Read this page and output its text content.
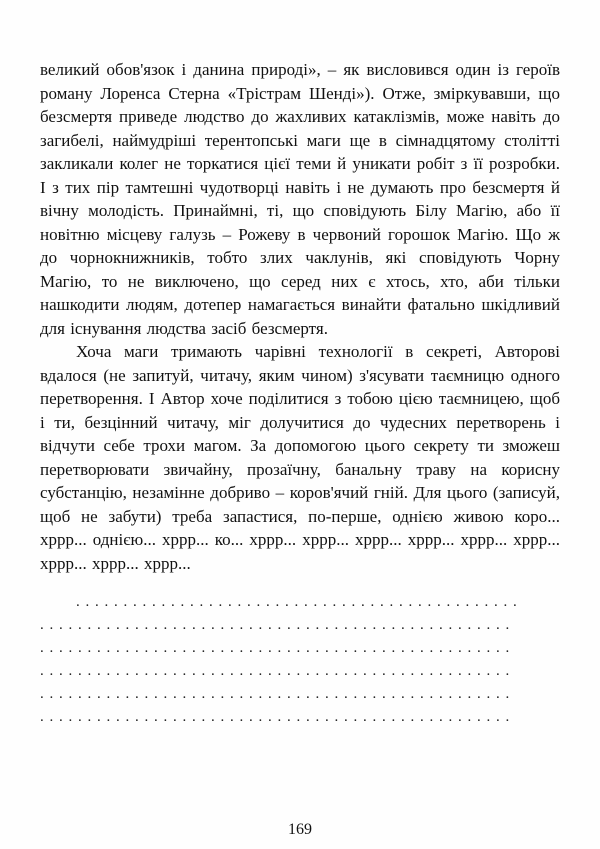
великий обов'язок і данина природі», – як висловився один із героїв роману Лоренса Стерна «Трістрам Шенді»). Отже, зміркувавши, що безсмертя приведе людство до жахливих катаклізмів, може навіть до загибелі, наймудріші терентопські маги ще в сімнадцятому столітті закликали колег не торкатися цієї теми й уникати робіт з її розробки. І з тих пір тамтешні чудотворці навіть і не думають про безсмертя й вічну молодість. Принаймні, ті, що сповідують Білу Магію, або її новітню місцеву галузь – Рожеву в червоний горошок Магію. Що ж до чорнокнижників, тобто злих чаклунів, які сповідують Чорну Магію, то не виключено, що серед них є хтось, хто, аби тільки нашкодити людям, дотепер намагається винайти фатально шкідливий для існування людства засіб безсмертя.

Хоча маги тримають чарівні технології в секреті, Авторові вдалося (не запитуй, читачу, яким чином) з'ясувати таємницю одного перетворення. І Автор хоче поділитися з тобою цією таємницею, щоб і ти, безцінний читачу, міг долучитися до чудесних перетворень і відчути себе трохи магом. За допомогою цього секрету ти зможеш перетворювати звичайну, прозаїчну, банальну траву на корисну субстанцію, незамінне добриво – коров'ячий гній. Для цього (записуй, щоб не забути) треба запастися, по-перше, однією живою коро... хррр... однією... хррр... ко... хррр... хррр... хррр... хррр... хррр... хррр... хррр... хррр... хррр...

. . . . . . . . . . . . . . . . . . . . . . . . . . . . . . . . . . . . . . . . . . . . . . .
. . . . . . . . . . . . . . . . . . . . . . . . . . . . . . . . . . . . . . . . . . . . . . . . . .
. . . . . . . . . . . . . . . . . . . . . . . . . . . . . . . . . . . . . . . . . . . . . . . . . .
. . . . . . . . . . . . . . . . . . . . . . . . . . . . . . . . . . . . . . . . . . . . . . . . . .
. . . . . . . . . . . . . . . . . . . . . . . . . . . . . . . . . . . . . . . . . . . . . . . . . .
. . . . . . . . . . . . . . . . . . . . . . . . . . . . . . . . . . . . . . . . . . . . . . . . . .
169
